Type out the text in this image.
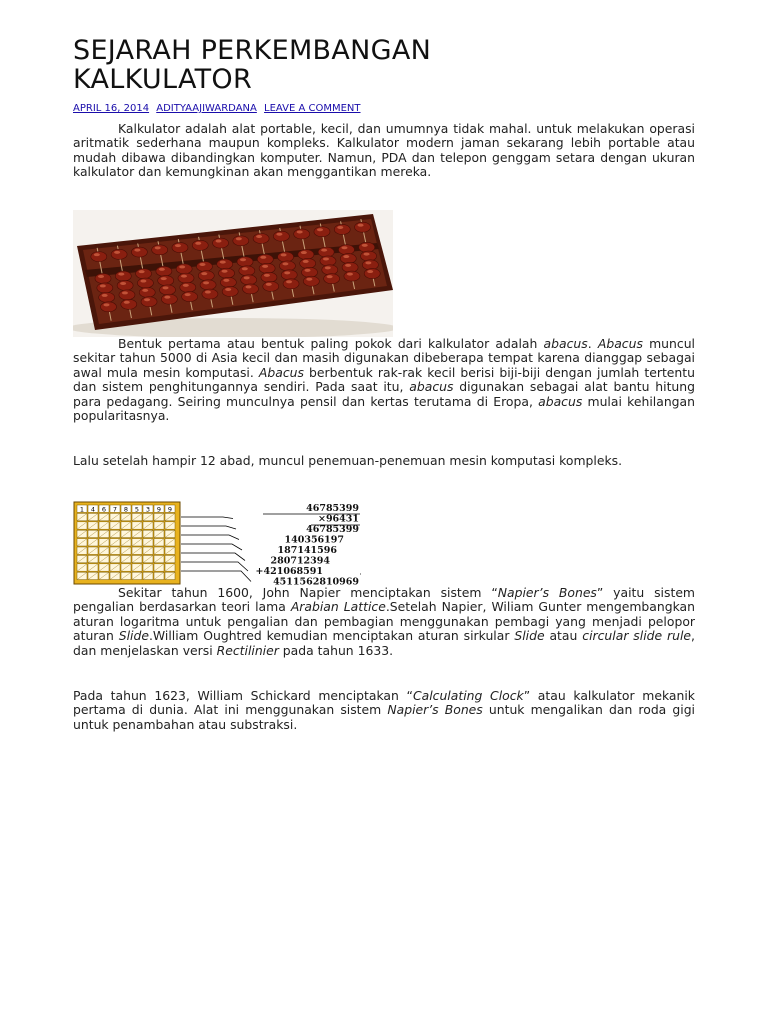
SEJARAH PERKEMBANGAN
KALKULATOR
APRIL 16, 2014 ADITYAAJIWARDANA LEAVE A COMMENT

Kalkulator adalah alat portable, kecil, dan umumnya tidak mahal. untuk melakukan operasi aritmatik sederhana maupun kompleks. Kalkulator modern jaman sekarang lebih portable atau mudah dibawa dibandingkan komputer. Namun, PDA dan telepon genggam setara dengan ukuran kalkulator dan kemungkinan akan menggantikan mereka.

Bentuk pertama atau bentuk paling pokok dari kalkulator adalah abacus. Abacus muncul sekitar tahun 5000 di Asia kecil dan masih digunakan dibeberapa tempat karena dianggap sebagai awal mula mesin komputasi. Abacus berbentuk rak-rak kecil berisi biji-biji dengan jumlah tertentu dan sistem penghitungannya sendiri. Pada saat itu, abacus digunakan sebagai alat bantu hitung para pedagang. Seiring munculnya pensil dan kertas terutama di Eropa, abacus mulai kehilangan popularitasnya.

Lalu setelah hampir 12 abad, muncul penemuan-penemuan mesin komputasi kompleks.

1 4 6 7 8 5 3 9 9	46785399
×96431
46785399
140356197
187141596
280712394
+421068591
4511562810969

Sekitar tahun 1600, John Napier menciptakan sistem “Napier’s Bones” yaitu sistem pengalian berdasarkan teori lama Arabian Lattice.Setelah Napier, Wiliam Gunter mengembangkan aturan logaritma untuk pengalian dan pembagian menggunakan pembagi yang menjadi pelopor aturan Slide.William Oughtred kemudian menciptakan aturan sirkular Slide atau circular slide rule, dan menjelaskan versi Rectilinier pada tahun 1633.

Pada tahun 1623, William Schickard menciptakan “Calculating Clock” atau kalkulator mekanik pertama di dunia. Alat ini menggunakan sistem Napier’s Bones untuk mengalikan dan roda gigi untuk penambahan atau substraksi.
